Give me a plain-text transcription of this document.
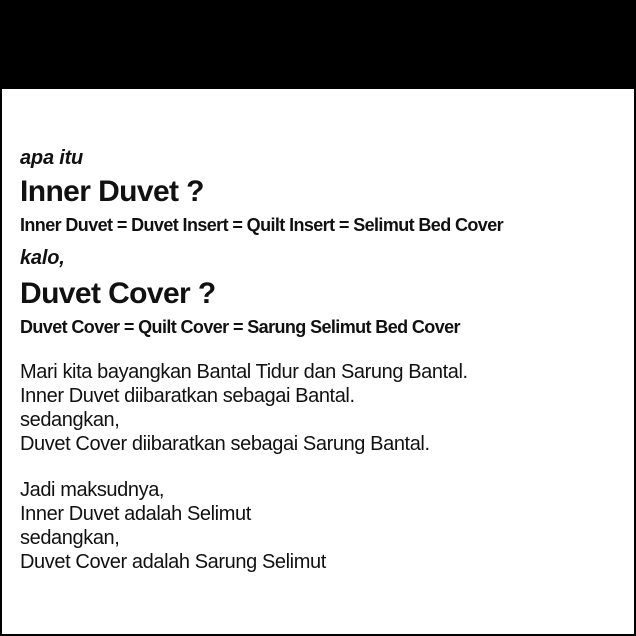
apa itu

Inner Duvet ?

Inner Duvet = Duvet Insert = Quilt Insert = Selimut Bed Cover

kalo,

Duvet Cover ?

Duvet Cover = Quilt Cover = Sarung Selimut Bed Cover

Mari kita bayangkan Bantal Tidur dan Sarung Bantal.

Inner Duvet diibaratkan sebagai Bantal.

sedangkan,

Duvet Cover diibaratkan sebagai Sarung Bantal.

Jadi maksudnya,

Inner Duvet adalah Selimut

sedangkan,

Duvet Cover adalah Sarung Selimut
